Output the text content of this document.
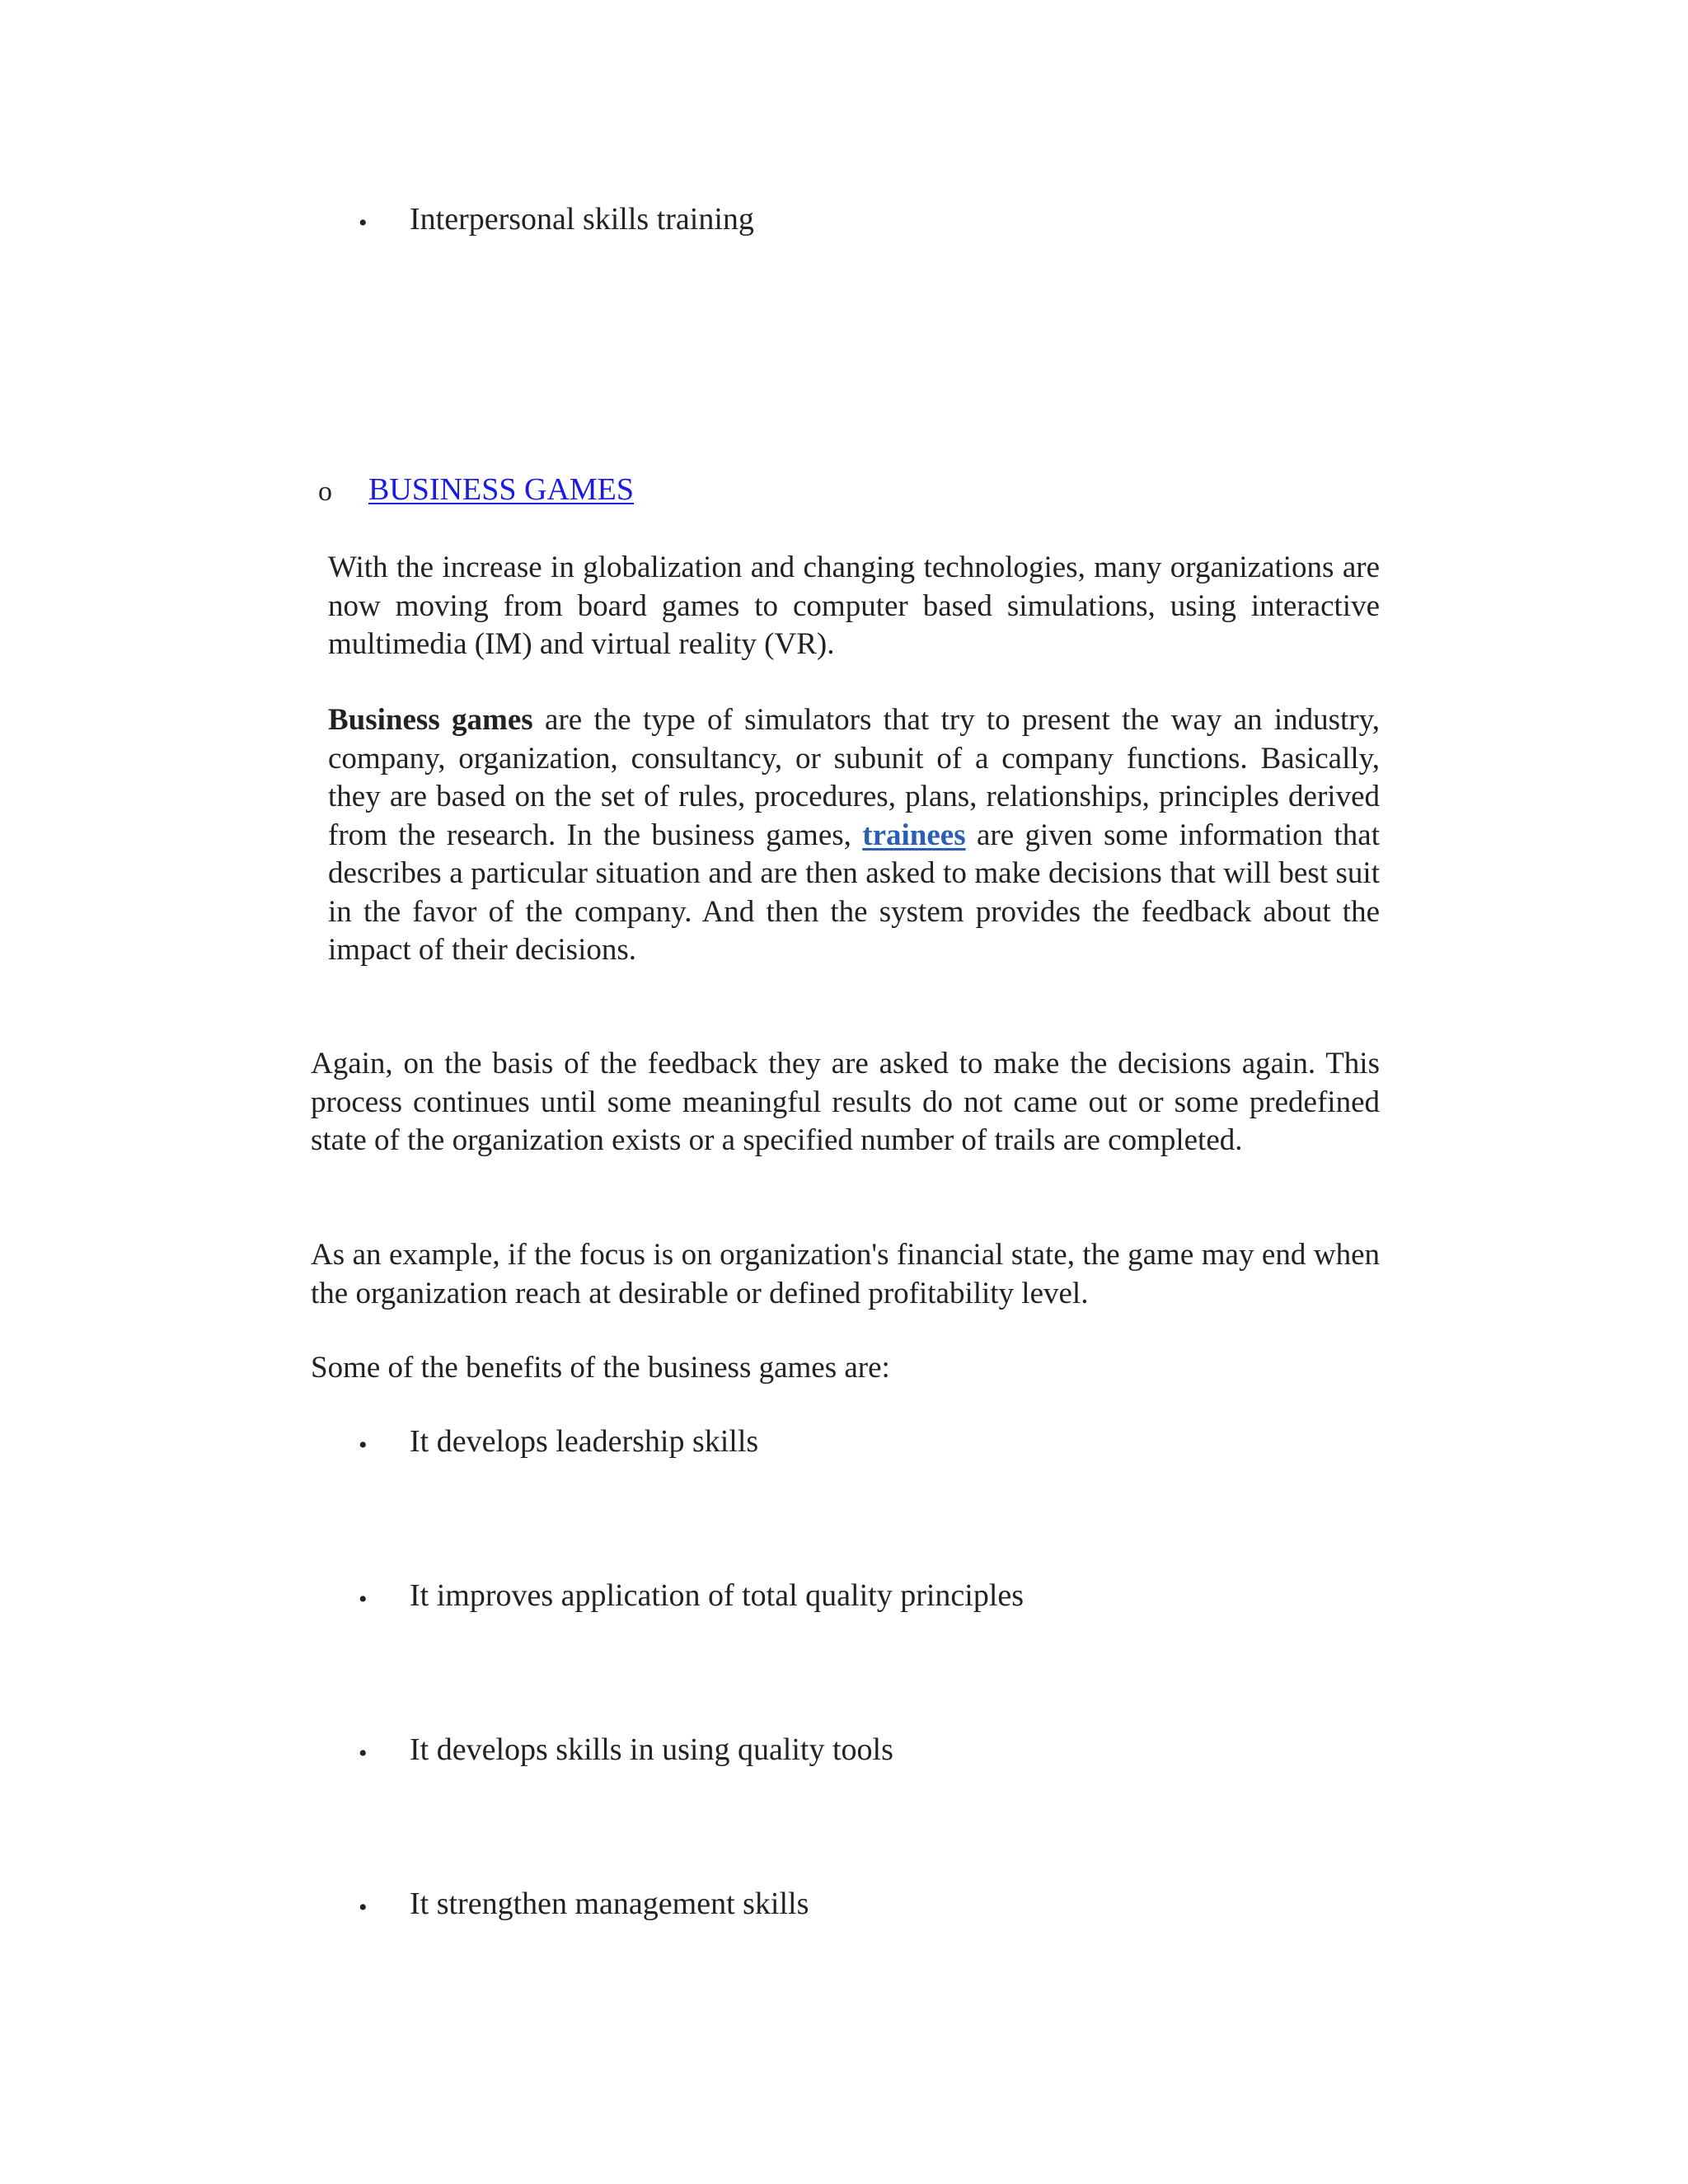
• Interpersonal skills training
o BUSINESS GAMES

With the increase in globalization and changing technologies, many organizations are now moving from board games to computer based simulations, using interactive multimedia (IM) and virtual reality (VR).

Business games are the type of simulators that try to present the way an industry, company, organization, consultancy, or subunit of a company functions. Basically, they are based on the set of rules, procedures, plans, relationships, principles derived from the research. In the business games, trainees are given some information that describes a particular situation and are then asked to make decisions that will best suit in the favor of the company. And then the system provides the feedback about the impact of their decisions.

Again, on the basis of the feedback they are asked to make the decisions again. This process continues until some meaningful results do not came out or some predefined state of the organization exists or a specified number of trails are completed.

As an example, if the focus is on organization's financial state, the game may end when the organization reach at desirable or defined profitability level.

Some of the benefits of the business games are:

• It develops leadership skills
• It improves application of total quality principles
• It develops skills in using quality tools
• It strengthen management skills
